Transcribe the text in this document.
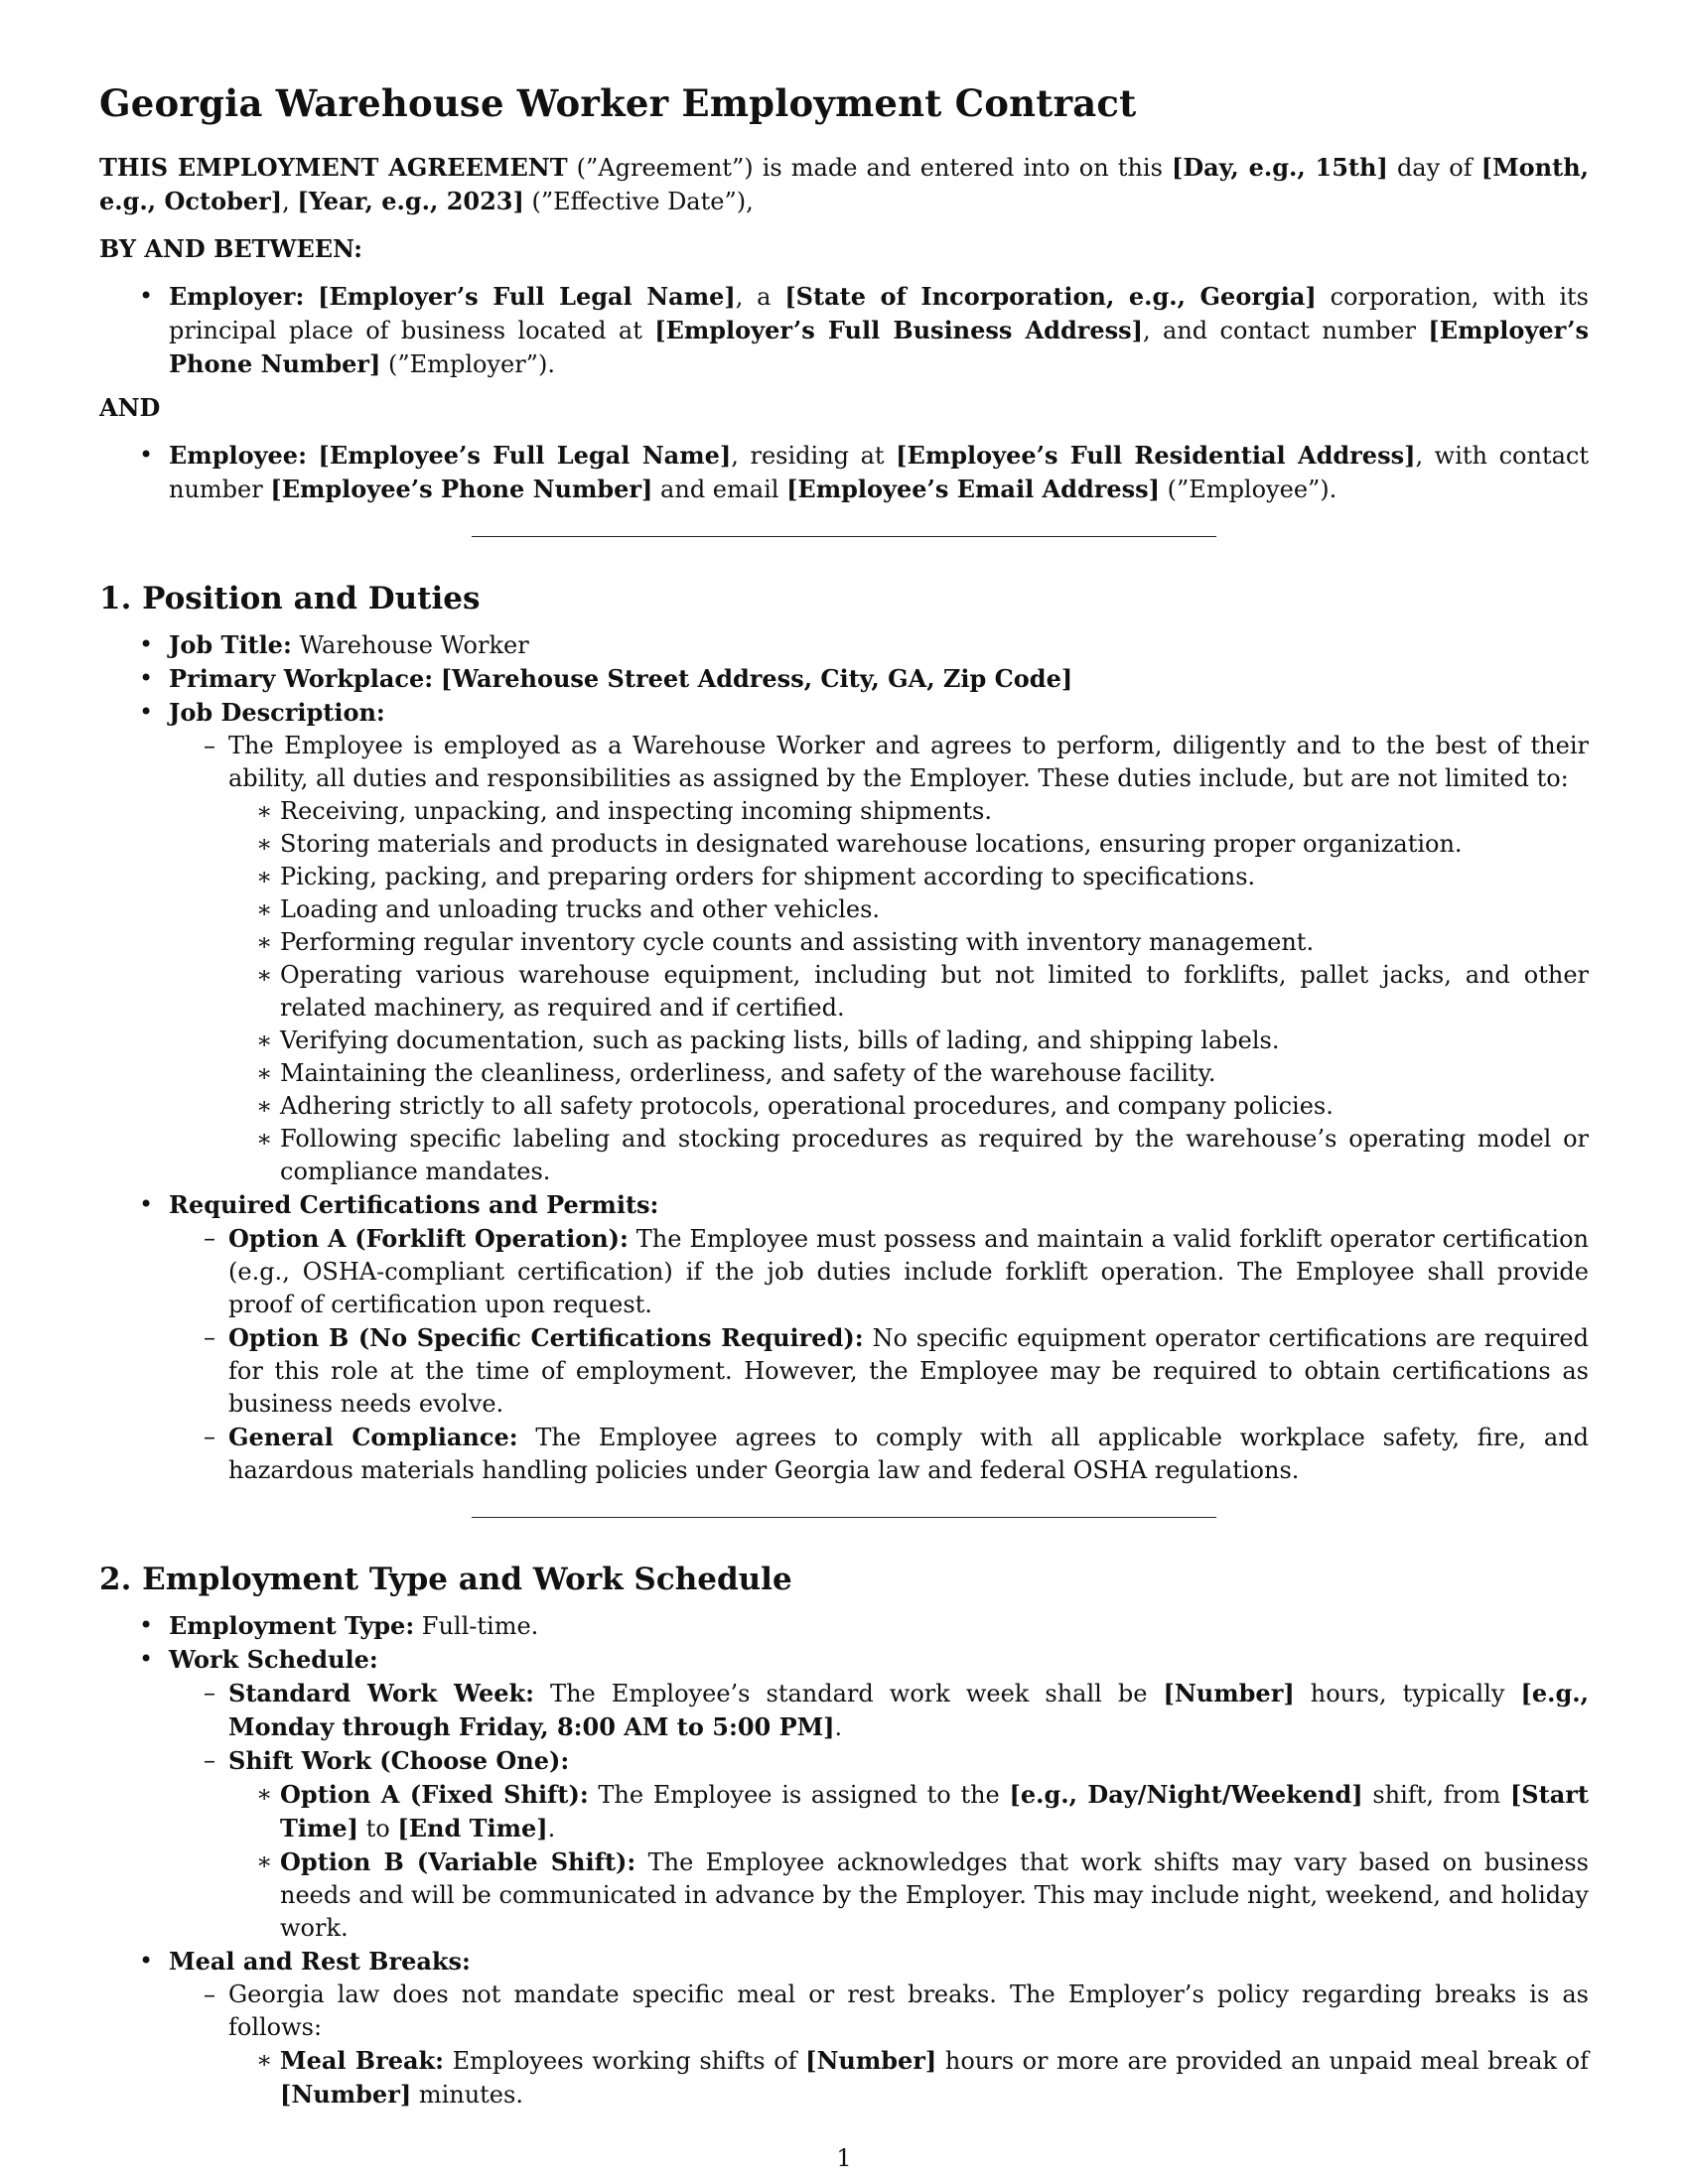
Georgia Warehouse Worker Employment Contract

THIS EMPLOYMENT AGREEMENT (”Agreement”) is made and entered into on this [Day, e.g., 15th] day of [Month, e.g., October], [Year, e.g., 2023] (”Effective Date”),

BY AND BETWEEN:

• Employer: [Employer’s Full Legal Name], a [State of Incorporation, e.g., Georgia] corporation, with its principal place of business located at [Employer’s Full Business Address], and contact number [Employer’s Phone Number] (”Employer”).

AND

• Employee: [Employee’s Full Legal Name], residing at [Employee’s Full Residential Address], with contact number [Employee’s Phone Number] and email [Employee’s Email Address] (”Employee”).
1. Position and Duties
• Job Title: Warehouse Worker
• Primary Workplace: [Warehouse Street Address, City, GA, Zip Code]
• Job Description:
– The Employee is employed as a Warehouse Worker and agrees to perform, diligently and to the best of their ability, all duties and responsibilities as assigned by the Employer. These duties include, but are not limited to:
∗ Receiving, unpacking, and inspecting incoming shipments.
∗ Storing materials and products in designated warehouse locations, ensuring proper organization.
∗ Picking, packing, and preparing orders for shipment according to specifications.
∗ Loading and unloading trucks and other vehicles.
∗ Performing regular inventory cycle counts and assisting with inventory management.
∗ Operating various warehouse equipment, including but not limited to forklifts, pallet jacks, and other related machinery, as required and if certified.
∗ Verifying documentation, such as packing lists, bills of lading, and shipping labels.
∗ Maintaining the cleanliness, orderliness, and safety of the warehouse facility.
∗ Adhering strictly to all safety protocols, operational procedures, and company policies.
∗ Following specific labeling and stocking procedures as required by the warehouse’s operating model or compliance mandates.
• Required Certifications and Permits:
– Option A (Forklift Operation): The Employee must possess and maintain a valid forklift operator certification (e.g., OSHA-compliant certification) if the job duties include forklift operation. The Employee shall provide proof of certification upon request.
– Option B (No Specific Certifications Required): No specific equipment operator certifications are required for this role at the time of employment. However, the Employee may be required to obtain certifications as business needs evolve.
– General Compliance: The Employee agrees to comply with all applicable workplace safety, fire, and hazardous materials handling policies under Georgia law and federal OSHA regulations.
2. Employment Type and Work Schedule
• Employment Type: Full-time.
• Work Schedule:
– Standard Work Week: The Employee’s standard work week shall be [Number] hours, typically [e.g., Monday through Friday, 8:00 AM to 5:00 PM].
– Shift Work (Choose One):
∗ Option A (Fixed Shift): The Employee is assigned to the [e.g., Day/Night/Weekend] shift, from [Start Time] to [End Time].
∗ Option B (Variable Shift): The Employee acknowledges that work shifts may vary based on business needs and will be communicated in advance by the Employer. This may include night, weekend, and holiday work.
• Meal and Rest Breaks:
– Georgia law does not mandate specific meal or rest breaks. The Employer’s policy regarding breaks is as follows:
∗ Meal Break: Employees working shifts of [Number] hours or more are provided an unpaid meal break of [Number] minutes.
1
